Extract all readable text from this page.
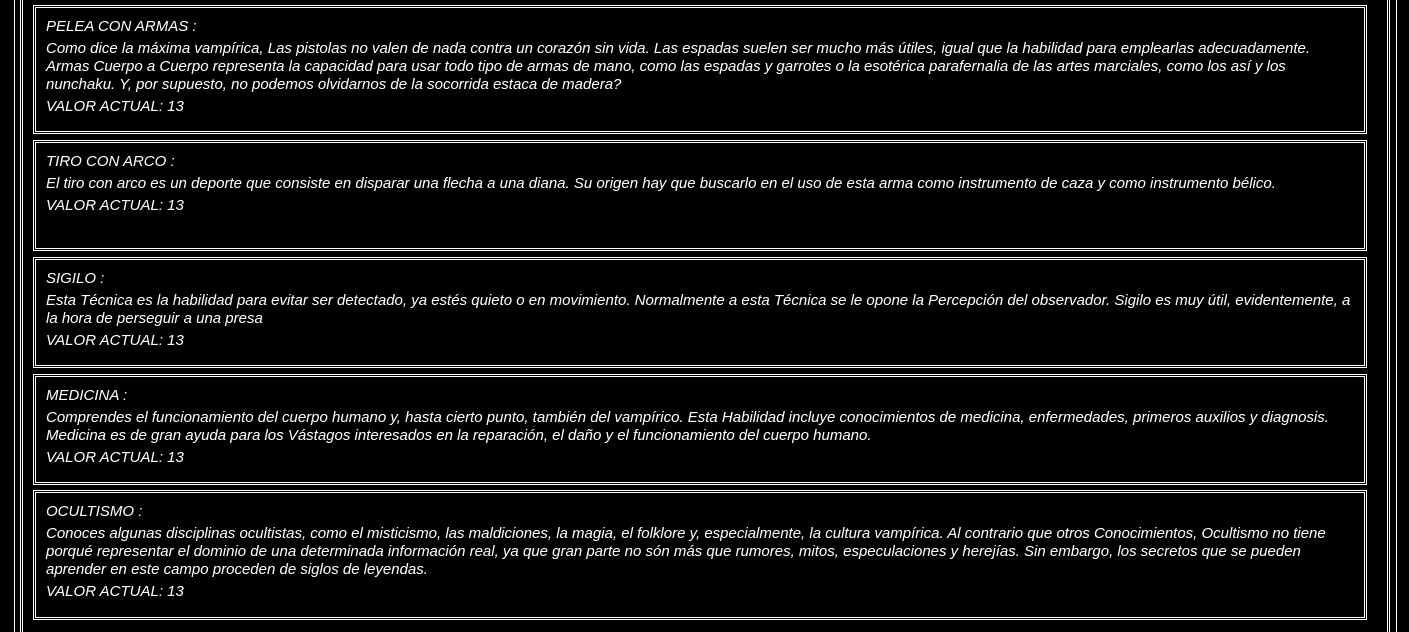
PELEA CON ARMAS :
Como dice la máxima vampírica, Las pistolas no valen de nada contra un corazón sin vida. Las espadas suelen ser mucho más útiles, igual que la habilidad para emplearlas adecuadamente. Armas Cuerpo a Cuerpo representa la capacidad para usar todo tipo de armas de mano, como las espadas y garrotes o la esotérica parafernalia de las artes marciales, como los así y los nunchaku. Y, por supuesto, no podemos olvidarnos de la socorrida estaca de madera?
VALOR ACTUAL: 13
TIRO CON ARCO :
El tiro con arco es un deporte que consiste en disparar una flecha a una diana. Su origen hay que buscarlo en el uso de esta arma como instrumento de caza y como instrumento bélico.
VALOR ACTUAL: 13
SIGILO :
Esta Técnica es la habilidad para evitar ser detectado, ya estés quieto o en movimiento. Normalmente a esta Técnica se le opone la Percepción del observador. Sigilo es muy útil, evidentemente, a la hora de perseguir a una presa
VALOR ACTUAL: 13
MEDICINA :
Comprendes el funcionamiento del cuerpo humano y, hasta cierto punto, también del vampírico. Esta Habilidad incluye conocimientos de medicina, enfermedades, primeros auxilios y diagnosis. Medicina es de gran ayuda para los Vástagos interesados en la reparación, el daño y el funcionamiento del cuerpo humano.
VALOR ACTUAL: 13
OCULTISMO :
Conoces algunas disciplinas ocultistas, como el misticismo, las maldiciones, la magia, el folklore y, especialmente, la cultura vampírica. Al contrario que otros Conocimientos, Ocultismo no tiene porqué representar el dominio de una determinada información real, ya que gran parte no són más que rumores, mitos, especulaciones y herejías. Sin embargo, los secretos que se pueden aprender en este campo proceden de siglos de leyendas.
VALOR ACTUAL: 13
